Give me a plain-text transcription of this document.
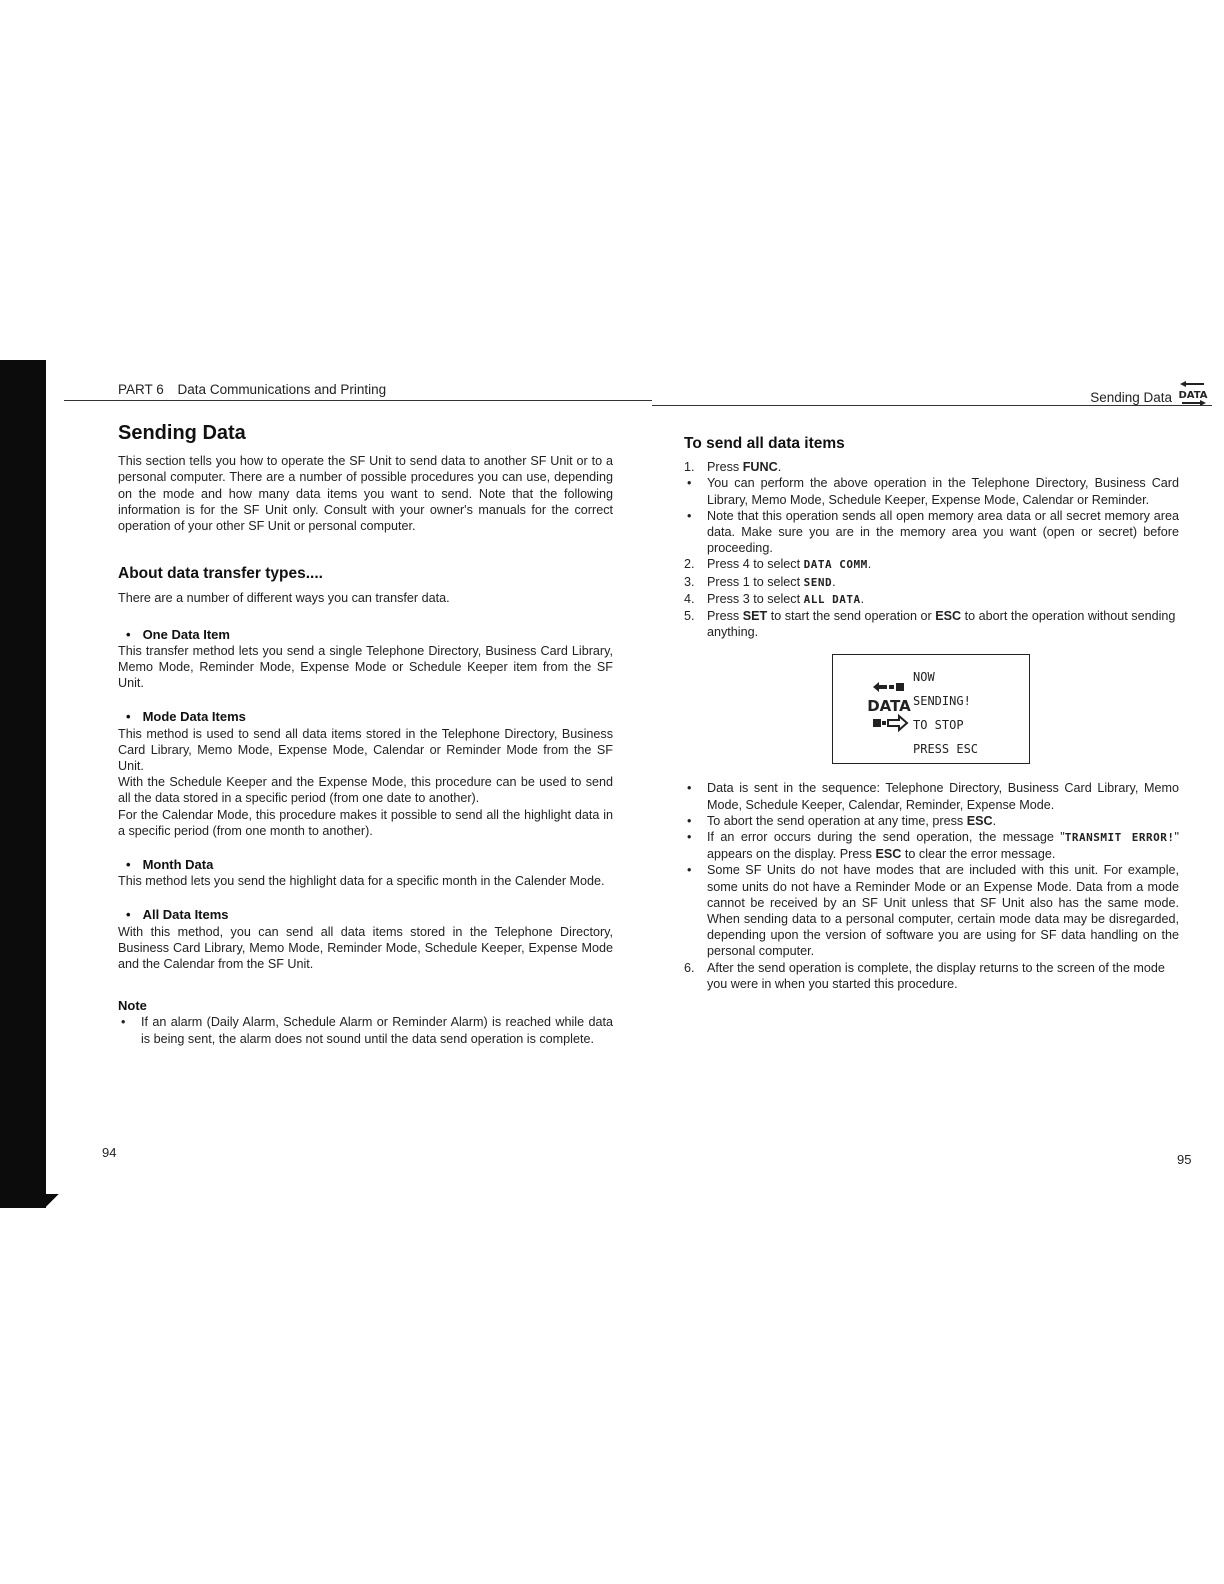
PART 6 Data Communications and Printing
Sending Data DATA
Sending Data

This section tells you how to operate the SF Unit to send data to another SF Unit or to a personal computer. There are a number of possible procedures you can use, depending on the mode and how many data items you want to send. Note that the following information is for the SF Unit only. Consult with your owner's manuals for the correct operation of your other SF Unit or personal computer.

About data transfer types....

There are a number of different ways you can transfer data.

• One Data Item

This transfer method lets you send a single Telephone Directory, Business Card Library, Memo Mode, Reminder Mode, Expense Mode or Schedule Keeper item from the SF Unit.

• Mode Data Items

This method is used to send all data items stored in the Telephone Directory, Business Card Library, Memo Mode, Expense Mode, Calendar or Reminder Mode from the SF Unit.

With the Schedule Keeper and the Expense Mode, this procedure can be used to send all the data stored in a specific period (from one date to another).

For the Calendar Mode, this procedure makes it possible to send all the highlight data in a specific period (from one month to another).

• Month Data

This method lets you send the highlight data for a specific month in the Calender Mode.

• All Data Items

With this method, you can send all data items stored in the Telephone Directory, Business Card Library, Memo Mode, Reminder Mode, Schedule Keeper, Expense Mode and the Calendar from the SF Unit.

Note
• If an alarm (Daily Alarm, Schedule Alarm or Reminder Alarm) is reached while data is being sent, the alarm does not sound until the data send operation is complete.
94
To send all data items
1. Press FUNC.
• You can perform the above operation in the Telephone Directory, Business Card Library, Memo Mode, Schedule Keeper, Expense Mode, Calendar or Reminder.
• Note that this operation sends all open memory area data or all secret memory area data. Make sure you are in the memory area you want (open or secret) before proceeding.
2. Press 4 to select DATA COMM.
3. Press 1 to select SEND.
4. Press 3 to select ALL DATA.
5. Press SET to start the send operation or ESC to abort the operation without sending anything.
DATA
NOW
SENDING!
TO STOP
PRESS ESC
• Data is sent in the sequence: Telephone Directory, Business Card Library, Memo Mode, Schedule Keeper, Calendar, Reminder, Expense Mode.
• To abort the send operation at any time, press ESC.
• If an error occurs during the send operation, the message "TRANSMIT ERROR!" appears on the display. Press ESC to clear the error message.
• Some SF Units do not have modes that are included with this unit. For example, some units do not have a Reminder Mode or an Expense Mode. Data from a mode cannot be received by an SF Unit unless that SF Unit also has the same mode. When sending data to a personal computer, certain mode data may be disregarded, depending upon the version of software you are using for SF data handling on the personal computer.
6. After the send operation is complete, the display returns to the screen of the mode you were in when you started this procedure.
95
